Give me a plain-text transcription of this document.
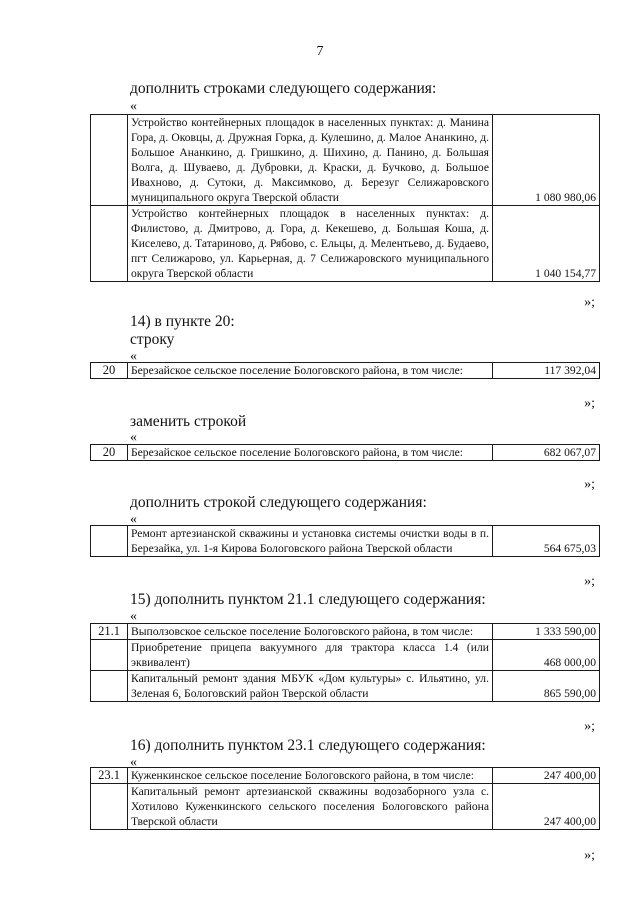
7
дополнить строками следующего содержания:
«
	Устройство контейнерных площадок в населенных пунктах: д. Манина Гора, д. Оковцы, д. Дружная Горка, д. Кулешино, д. Малое Ананкино, д. Большое Ананкино, д. Гришкино, д. Шихино, д. Панино, д. Большая Волга, д. Шуваево, д. Дубровки, д. Краски, д. Бучково, д. Большое Ивахново, д. Сутоки, д. Максимково, д. Березуг Селижаровского муниципального округа Тверской области	1 080 980,06
	Устройство контейнерных площадок в населенных пунктах: д. Филистово, д. Дмитрово, д. Гора, д. Кекешево, д. Большая Коша, д. Киселево, д. Татариново, д. Рябово, с. Ельцы, д. Мелентьево, д. Будаево, пгт Селижарово, ул. Карьерная, д. 7 Селижаровского муниципального округа Тверской области	1 040 154,77
»;
14) в пункте 20:
строку
«
20	Березайское сельское поселение Бологовского района, в том числе:	117 392,04
»;
заменить строкой
«
20	Березайское сельское поселение Бологовского района, в том числе:	682 067,07
»;
дополнить строкой следующего содержания:
«
	Ремонт артезианской скважины и установка системы очистки воды в п. Березайка, ул. 1-я Кирова Бологовского района Тверской области	564 675,03
»;
15) дополнить пунктом 21.1 следующего содержания:
«
21.1	Выползовское сельское поселение Бологовского района, в том числе:	1 333 590,00
	Приобретение прицепа вакуумного для трактора класса 1.4 (или эквивалент)	468 000,00
	Капитальный ремонт здания МБУК «Дом культуры» с. Ильятино, ул. Зеленая 6, Бологовский район Тверской области	865 590,00
»;
16) дополнить пунктом 23.1 следующего содержания:
«
23.1	Куженкинское сельское поселение Бологовского района, в том числе:	247 400,00
	Капитальный ремонт артезианской скважины водозаборного узла с. Хотилово Куженкинского сельского поселения Бологовского района Тверской области	247 400,00
»;
